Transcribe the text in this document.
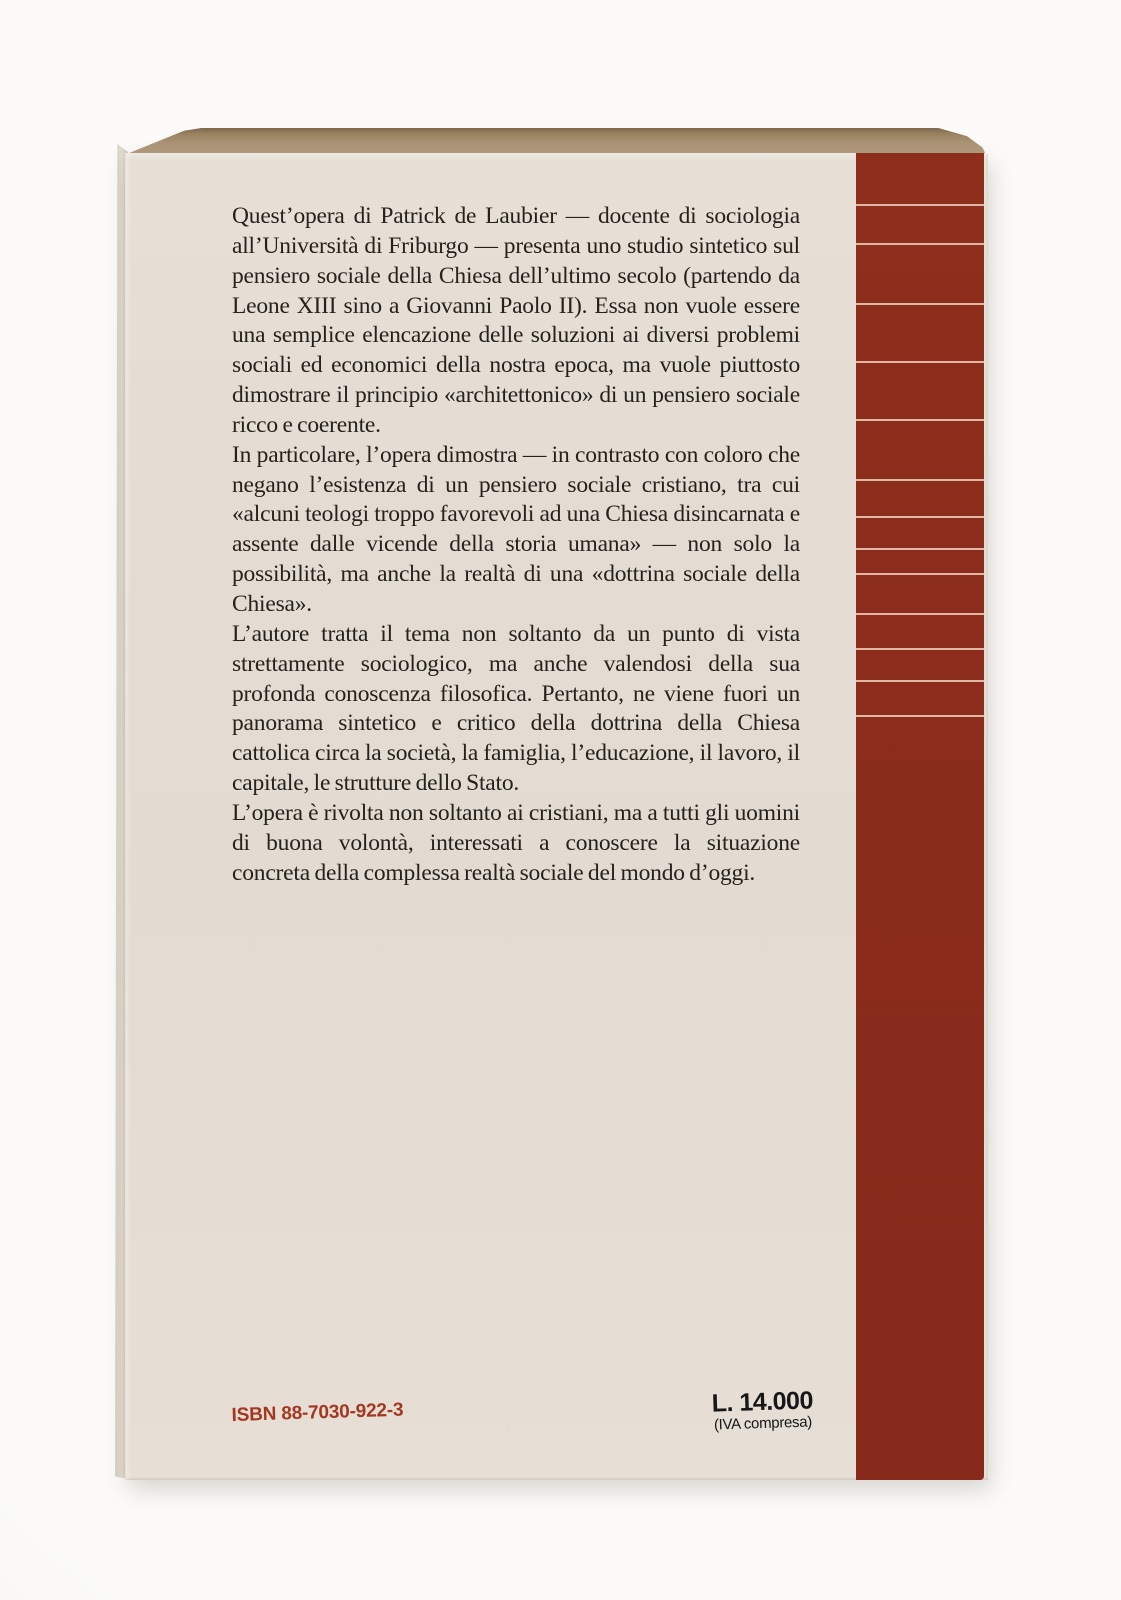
Quest’opera di Patrick de Laubier — docente di sociologia all’Università di Friburgo — presenta uno studio sintetico sul pensiero sociale della Chiesa dell’ultimo secolo (partendo da Leone XIII sino a Giovanni Paolo II). Essa non vuole essere una semplice elencazione delle soluzioni ai diversi problemi sociali ed economici della nostra epoca, ma vuole piuttosto dimostrare il principio «architettonico» di un pensiero sociale ricco e coerente.

In particolare, l’opera dimostra — in contrasto con coloro che negano l’esistenza di un pensiero sociale cristiano, tra cui «alcuni teologi troppo favorevoli ad una Chiesa disincarnata e assente dalle vicende della storia umana» — non solo la possibilità, ma anche la realtà di una «dottrina sociale della Chiesa».

L’autore tratta il tema non soltanto da un punto di vista strettamente sociologico, ma anche valendosi della sua profonda conoscenza filosofica. Pertanto, ne viene fuori un panorama sintetico e critico della dottrina della Chiesa cattolica circa la società, la famiglia, l’educazione, il lavoro, il capitale, le strutture dello Stato.

L’opera è rivolta non soltanto ai cristiani, ma a tutti gli uomini di buona volontà, interessati a conoscere la situazione concreta della complessa realtà sociale del mondo d’oggi.

ISBN 88-7030-922-3	L. 14.000
(IVA compresa)
